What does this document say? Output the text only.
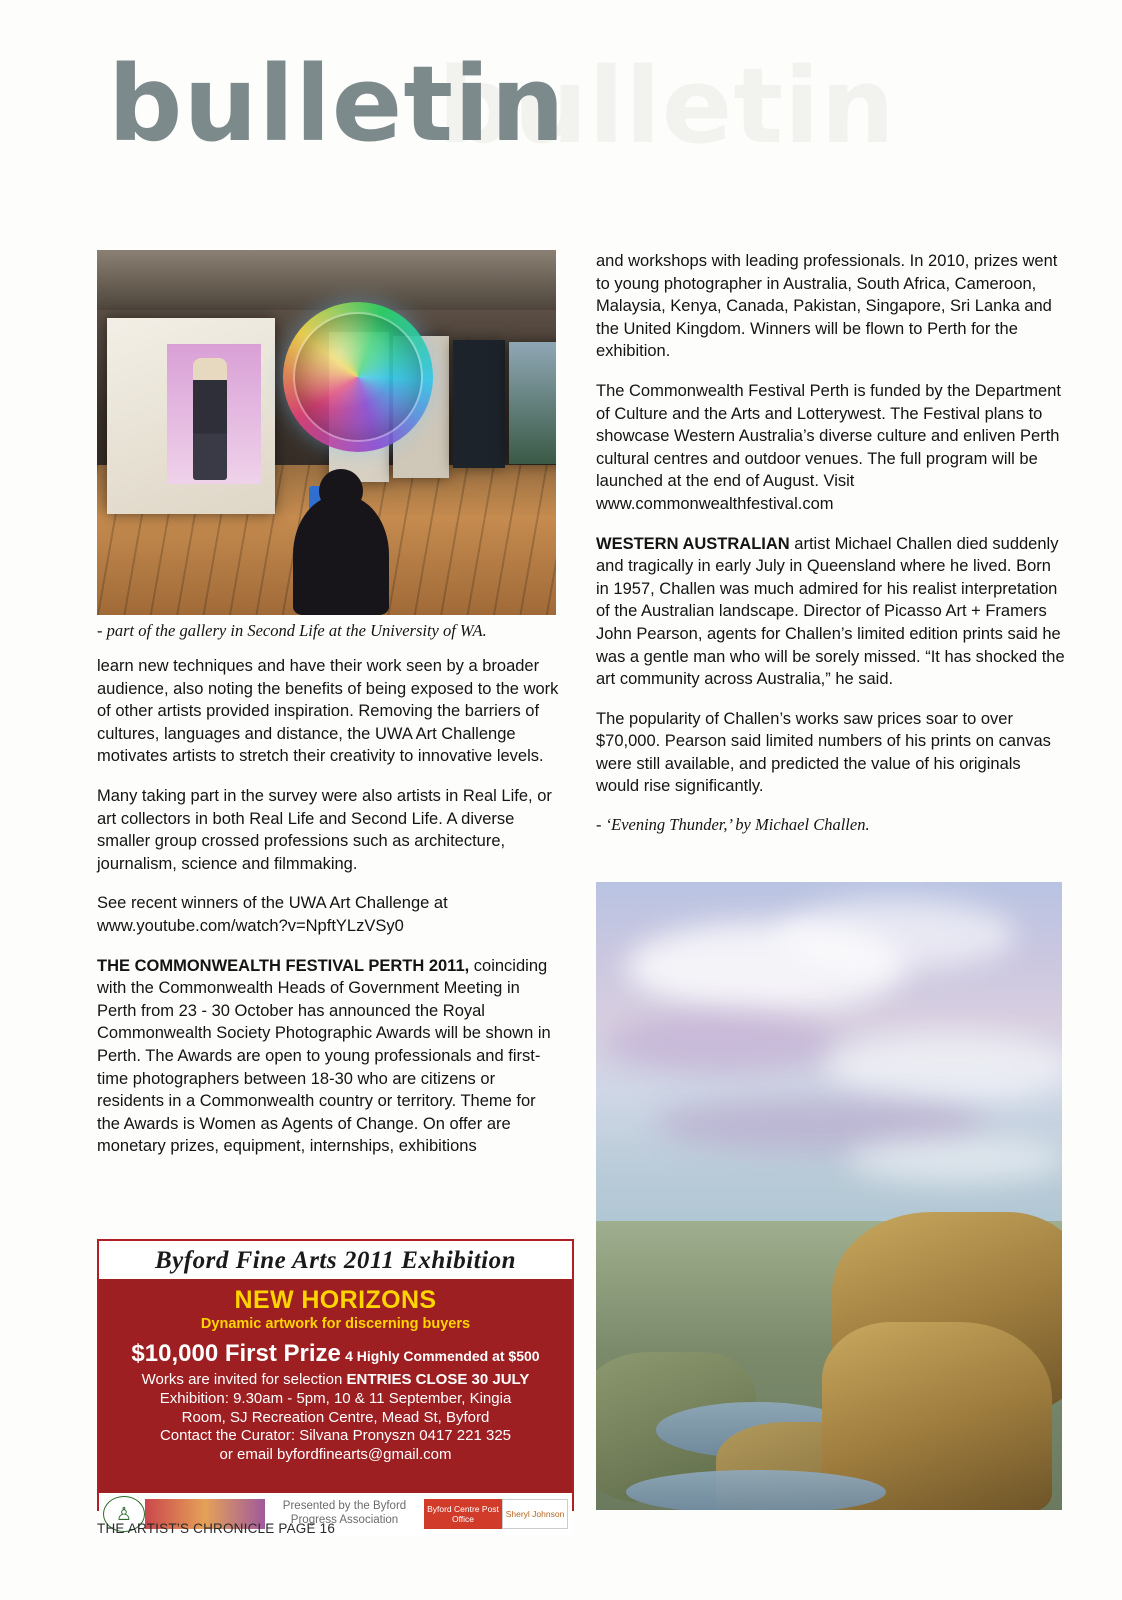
bulletin
bulletin
- part of the gallery in Second Life at the University of WA.

learn new techniques and have their work seen by a broader audience, also noting the benefits of being exposed to the work of other artists provided inspiration. Removing the barriers of cultures, languages and distance, the UWA Art Challenge motivates artists to stretch their creativity to innovative levels.

Many taking part in the survey were also artists in Real Life, or art collectors in both Real Life and Second Life. A diverse smaller group crossed professions such as architecture, journalism, science and filmmaking.

See recent winners of the UWA Art Challenge at www.youtube.com/watch?v=NpftYLzVSy0

THE COMMONWEALTH FESTIVAL PERTH 2011, coinciding with the Commonwealth Heads of Government Meeting in Perth from 23 - 30 October has announced the Royal Commonwealth Society Photographic Awards will be shown in Perth. The Awards are open to young professionals and first-time photographers between 18-30 who are citizens or residents in a Commonwealth country or territory. Theme for the Awards is Women as Agents of Change. On offer are monetary prizes, equipment, internships, exhibitions

and workshops with leading professionals. In 2010, prizes went to young photographer in Australia, South Africa, Cameroon, Malaysia, Kenya, Canada, Pakistan, Singapore, Sri Lanka and the United Kingdom. Winners will be flown to Perth for the exhibition.

The Commonwealth Festival Perth is funded by the Department of Culture and the Arts and Lotterywest. The Festival plans to showcase Western Australia’s diverse culture and enliven Perth cultural centres and outdoor venues. The full program will be launched at the end of August. Visit www.commonwealthfestival.com

WESTERN AUSTRALIAN artist Michael Challen died suddenly and tragically in early July in Queensland where he lived. Born in 1957, Challen was much admired for his realist interpretation of the Australian landscape. Director of Picasso Art + Framers John Pearson, agents for Challen’s limited edition prints said he was a gentle man who will be sorely missed. “It has shocked the art community across Australia,” he said.

The popularity of Challen’s works saw prices soar to over $70,000. Pearson said limited numbers of his prints on canvas were still available, and predicted the value of his originals would rise significantly.

- ‘Evening Thunder,’ by Michael Challen.
Byford Fine Arts 2011 Exhibition
NEW HORIZONS
Dynamic artwork for discerning buyers
$10,000 First Prize 4 Highly Commended at $500
Works are invited for selection ENTRIES CLOSE 30 JULY
Exhibition: 9.30am - 5pm, 10 & 11 September, Kingia
Room, SJ Recreation Centre, Mead St, Byford
Contact the Curator: Silvana Pronyszn 0417 221 325
or email byfordfinearts@gmail.com
♙	Presented by the Byford
Progress Association
Byford Centre Post Office	Sheryl Johnson
THE ARTIST’S CHRONICLE PAGE 16
